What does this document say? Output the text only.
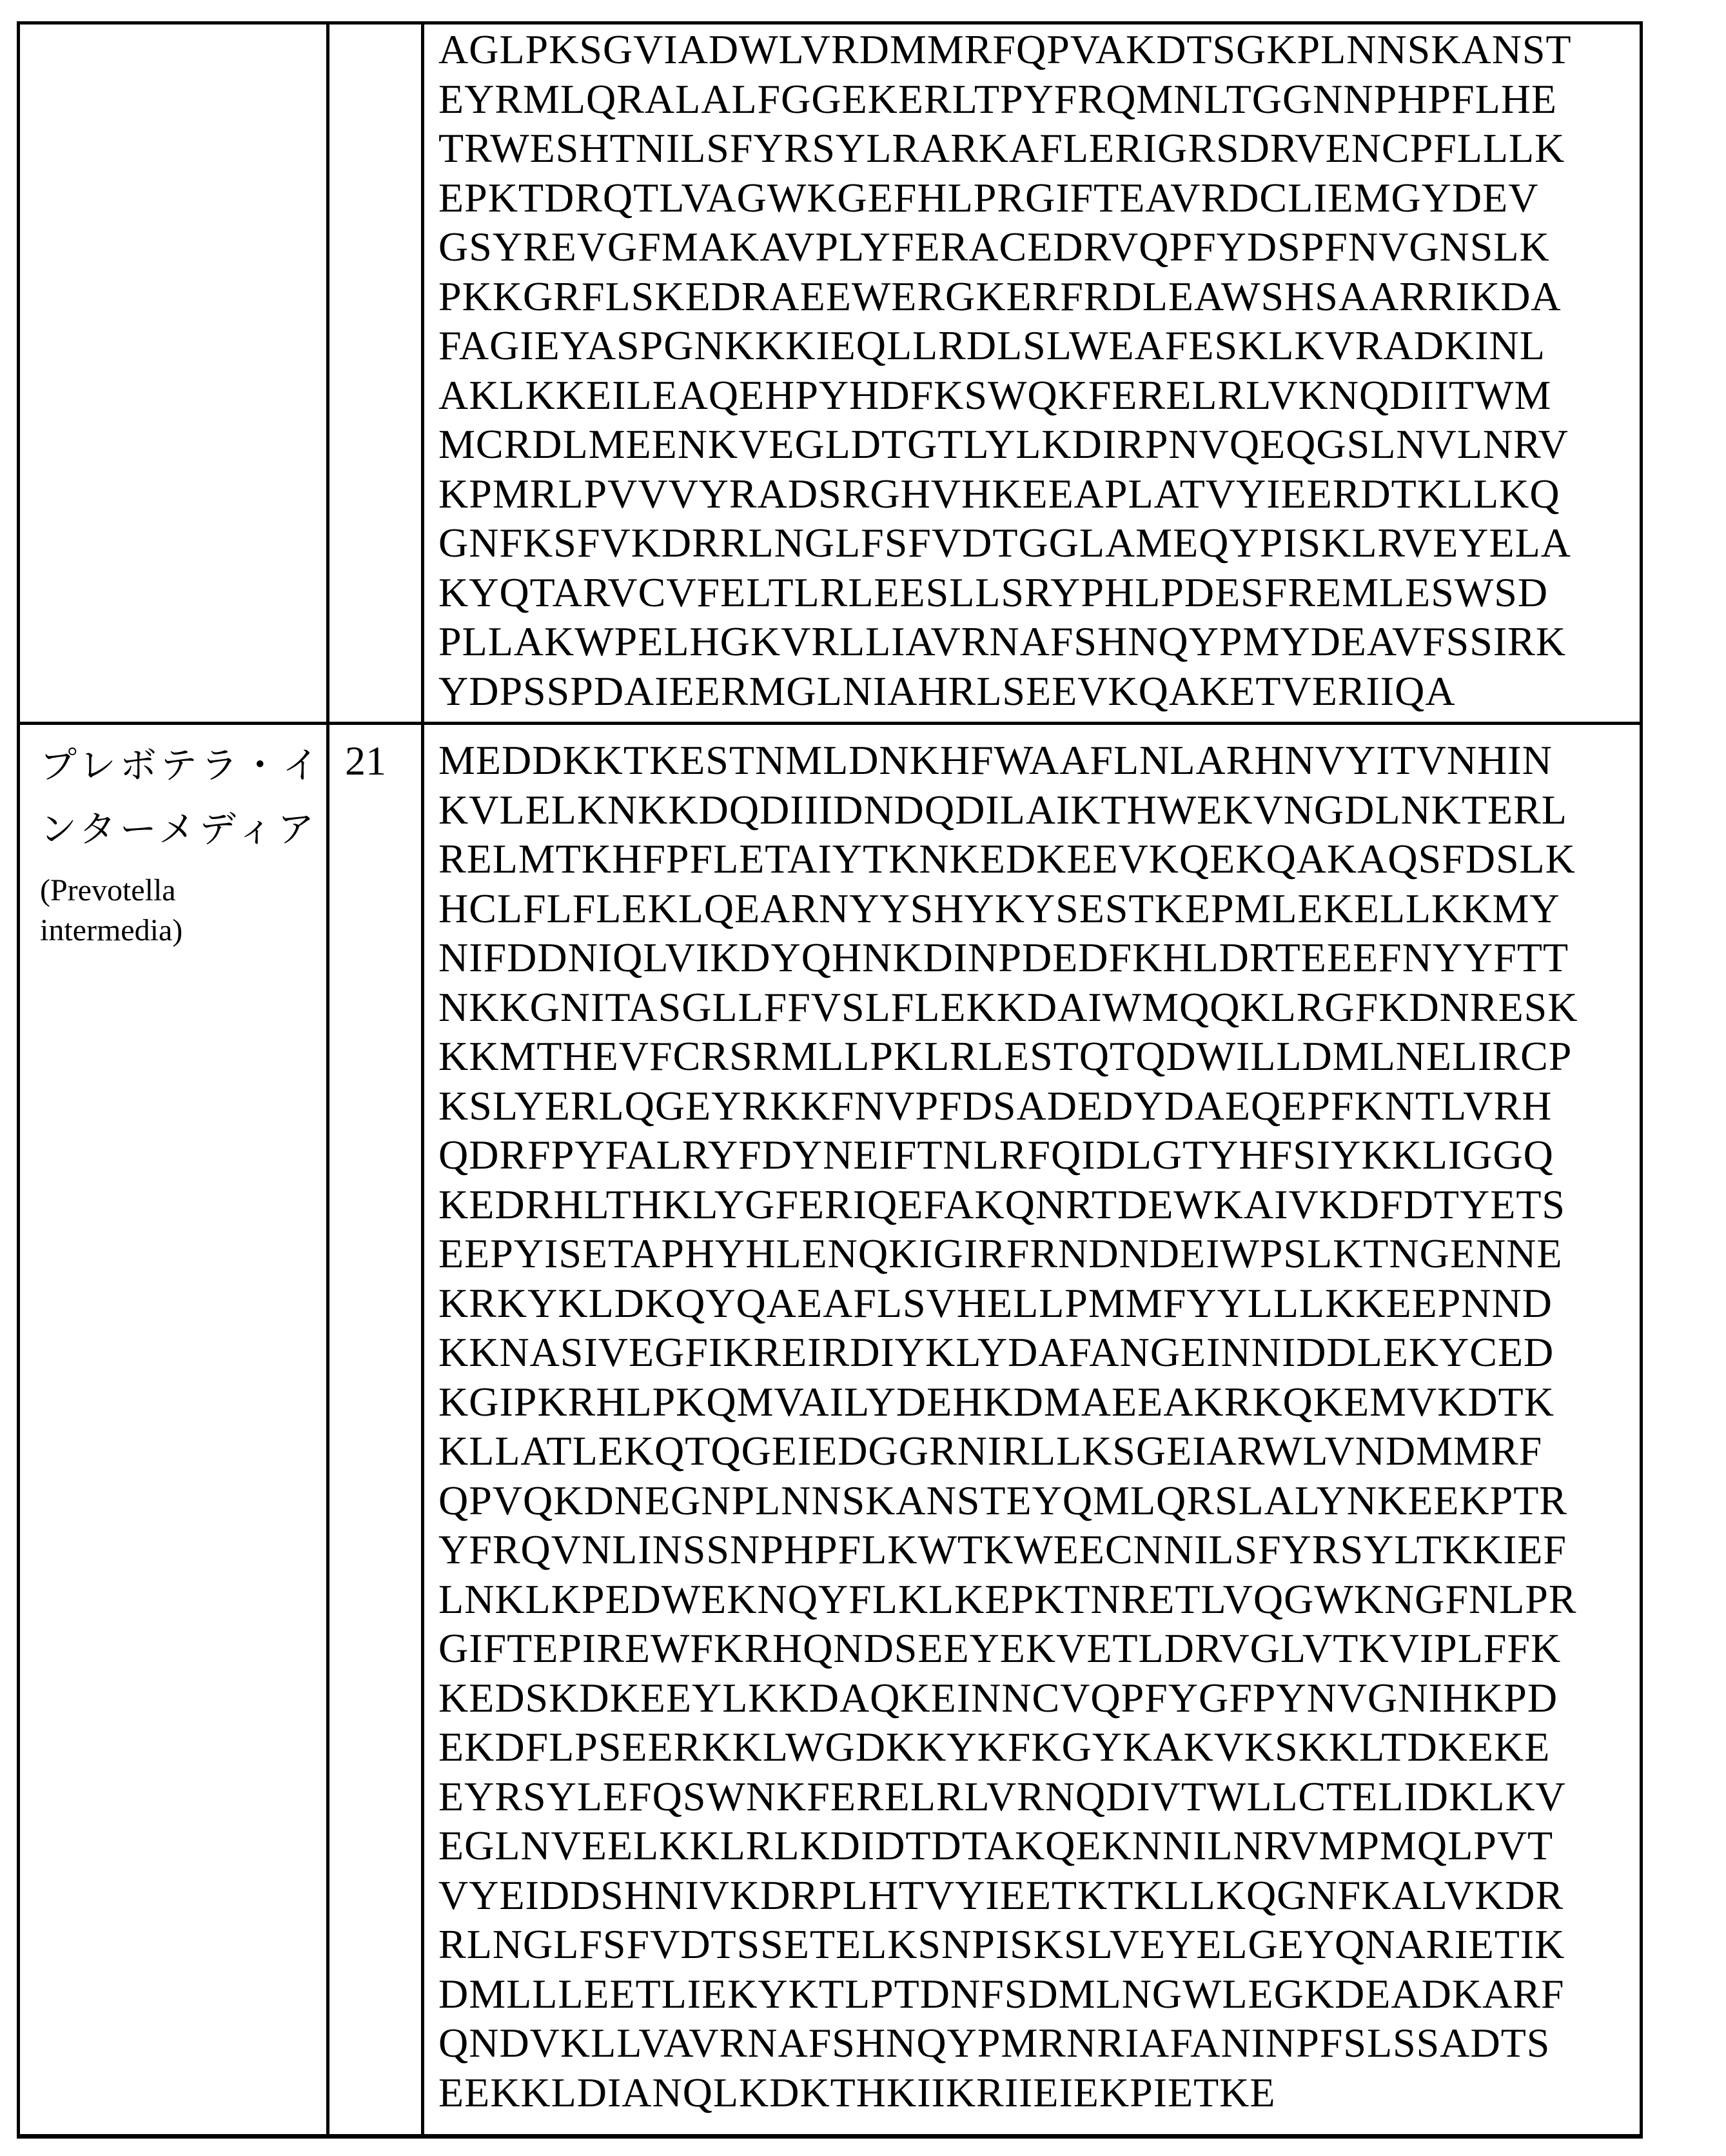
AGLPKSGVIADWLVRDMMRFQPVAKDTSGKPLNNSKANST
EYRMLQRALALFGGEKERLTPYFRQMNLTGGNNPHPFLHE
TRWESHTNILSFYRSYLRARKAFLERIGRSDRVENCPFLLLK
EPKTDRQTLVAGWKGEFHLPRGIFTEAVRDCLIEMGYDEV
GSYREVGFMAKAVPLYFERACEDRVQPFYDSPFNVGNSLK
PKKGRFLSKEDRAEEWERGKERFRDLEAWSHSAARRIKDA
FAGIEYASPGNKKKIEQLLRDLSLWEAFESKLKVRADKINL
AKLKKEILEAQEHPYHDFKSWQKFERELRLVKNQDIITWM
MCRDLMEENKVEGLDTGTLYLKDIRPNVQEQGSLNVLNRV
KPMRLPVVVYRADSRGHVHKEEAPLATVYIEERDTKLLKQ
GNFKSFVKDRRLNGLFSFVDTGGLAMEQYPISKLRVEYELA
KYQTARVCVFELTLRLEESLLSRYPHLPDESFREMLESWSD
PLLAKWPELHGKVRLLIAVRNAFSHNQYPMYDEAVFSSIRK
YDPSSPDAIEERMGLNIAHRLSEEVKQAKETVERIIQA
プレボテラ・イ
ンターメディア
(Prevotella
intermedia)
21	MEDDKKTKESTNMLDNKHFWAAFLNLARHNVYITVNHIN
KVLELKNKKDQDIIIDNDQDILAIKTHWEKVNGDLNKTERL
RELMTKHFPFLETAIYTKNKEDKEEVKQEKQAKAQSFDSLK
HCLFLFLEKLQEARNYYSHYKYSESTKEPMLEKELLKKMY
NIFDDNIQLVIKDYQHNKDINPDEDFKHLDRTEEEFNYYFTT
NKKGNITASGLLFFVSLFLEKKDAIWMQQKLRGFKDNRESK
KKMTHEVFCRSRMLLPKLRLESTQTQDWILLDMLNELIRCP
KSLYERLQGEYRKKFNVPFDSADEDYDAEQEPFKNTLVRH
QDRFPYFALRYFDYNEIFTNLRFQIDLGTYHFSIYKKLIGGQ
KEDRHLTHKLYGFERIQEFAKQNRTDEWKAIVKDFDTYETS
EEPYISETAPHYHLENQKIGIRFRNDNDEIWPSLKTNGENNE
KRKYKLDKQYQAEAFLSVHELLPMMFYYLLLKKEEPNND
KKNASIVEGFIKREIRDIYKLYDAFANGEINNIDDLEKYCED
KGIPKRHLPKQMVAILYDEHKDMAEEAKRKQKEMVKDTK
KLLATLEKQTQGEIEDGGRNIRLLKSGEIARWLVNDMMRF
QPVQKDNEGNPLNNSKANSTEYQMLQRSLALYNKEEKPTR
YFRQVNLINSSNPHPFLKWTKWEECNNILSFYRSYLTKKIEF
LNKLKPEDWEKNQYFLKLKEPKTNRETLVQGWKNGFNLPR
GIFTEPIREWFKRHQNDSEEYEKVETLDRVGLVTKVIPLFFK
KEDSKDKEEYLKKDAQKEINNCVQPFYGFPYNVGNIHKPD
EKDFLPSEERKKLWGDKKYKFKGYKAKVKSKKLTDKEKE
EYRSYLEFQSWNKFERELRLVRNQDIVTWLLCTELIDKLKV
EGLNVEELKKLRLKDIDTDTAKQEKNNILNRVMPMQLPVT
VYEIDDSHNIVKDRPLHTVYIEETKTKLLKQGNFKALVKDR
RLNGLFSFVDTSSETELKSNPISKSLVEYELGEYQNARIETIK
DMLLLEETLIEKYKTLPTDNFSDMLNGWLEGKDEADKARF
QNDVKLLVAVRNAFSHNQYPMRNRIAFANINPFSLSSADTS
EEKKLDIANQLKDKTHKIIKRIIEIEKPIETKE
